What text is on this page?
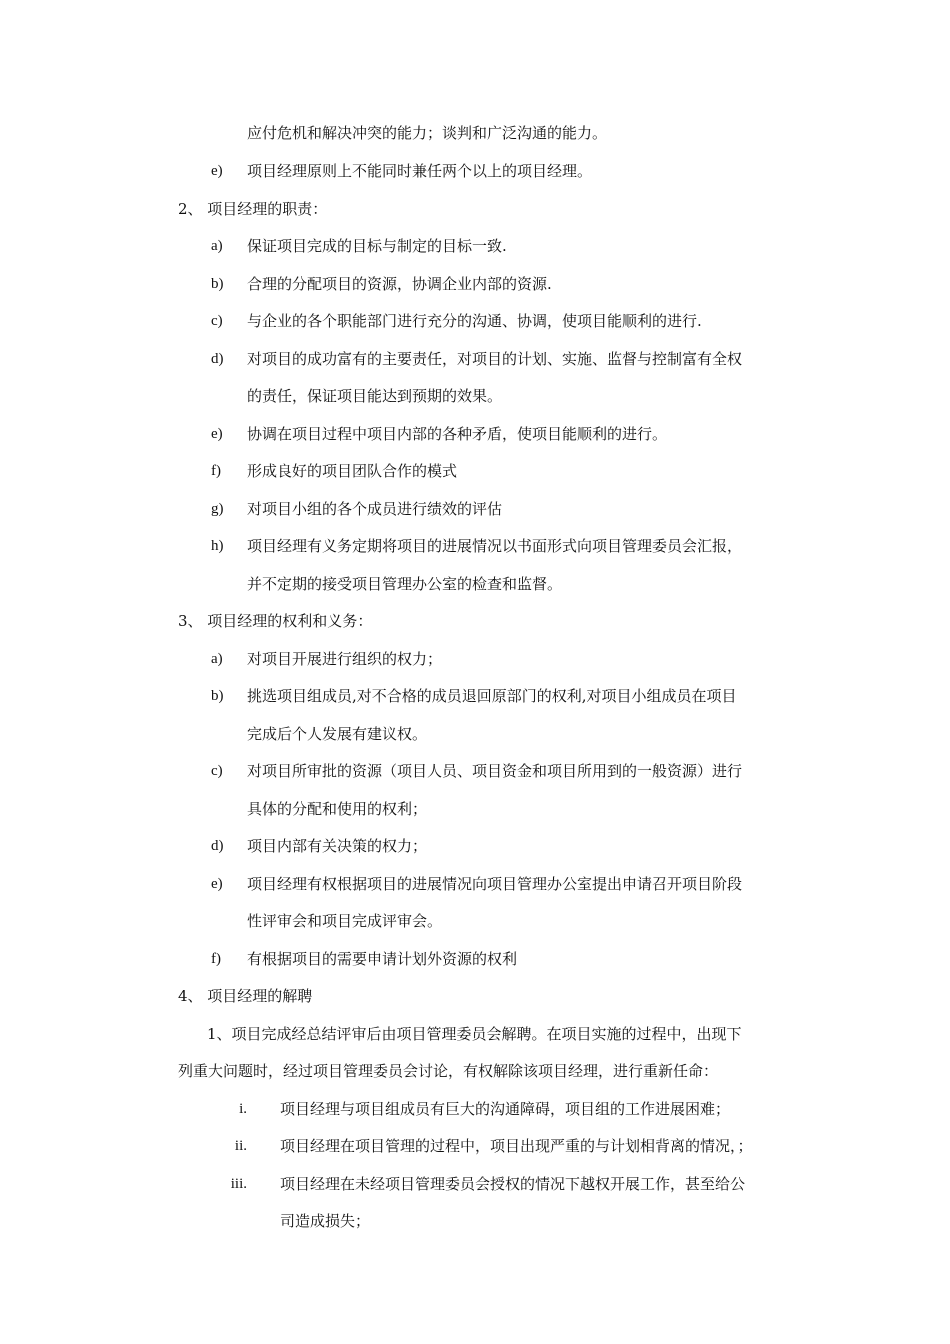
应付危机和解决冲突的能力；谈判和广泛沟通的能力。
e) 项目经理原则上不能同时兼任两个以上的项目经理。
2、 项目经理的职责：
a) 保证项目完成的目标与制定的目标一致.
b) 合理的分配项目的资源，协调企业内部的资源.
c) 与企业的各个职能部门进行充分的沟通、协调，使项目能顺利的进行.
d) 对项目的成功富有的主要责任，对项目的计划、实施、监督与控制富有全权
的责任，保证项目能达到预期的效果。
e) 协调在项目过程中项目内部的各种矛盾，使项目能顺利的进行。
f) 形成良好的项目团队合作的模式
g) 对项目小组的各个成员进行绩效的评估
h) 项目经理有义务定期将项目的进展情况以书面形式向项目管理委员会汇报，
并不定期的接受项目管理办公室的检查和监督。
3、 项目经理的权利和义务：
a) 对项目开展进行组织的权力；
b) 挑选项目组成员,对不合格的成员退回原部门的权利,对项目小组成员在项目
完成后个人发展有建议权。
c) 对项目所审批的资源（项目人员、项目资金和项目所用到的一般资源）进行
具体的分配和使用的权利；
d) 项目内部有关决策的权力；
e) 项目经理有权根据项目的进展情况向项目管理办公室提出申请召开项目阶段
性评审会和项目完成评审会。
f) 有根据项目的需要申请计划外资源的权利
4、 项目经理的解聘
1、项目完成经总结评审后由项目管理委员会解聘。在项目实施的过程中，出现下
列重大问题时，经过项目管理委员会讨论，有权解除该项目经理，进行重新任命：
i. 项目经理与项目组成员有巨大的沟通障碍，项目组的工作进展困难；
ii. 项目经理在项目管理的过程中，项目出现严重的与计划相背离的情况，；
iii. 项目经理在未经项目管理委员会授权的情况下越权开展工作，甚至给公
司造成损失；
